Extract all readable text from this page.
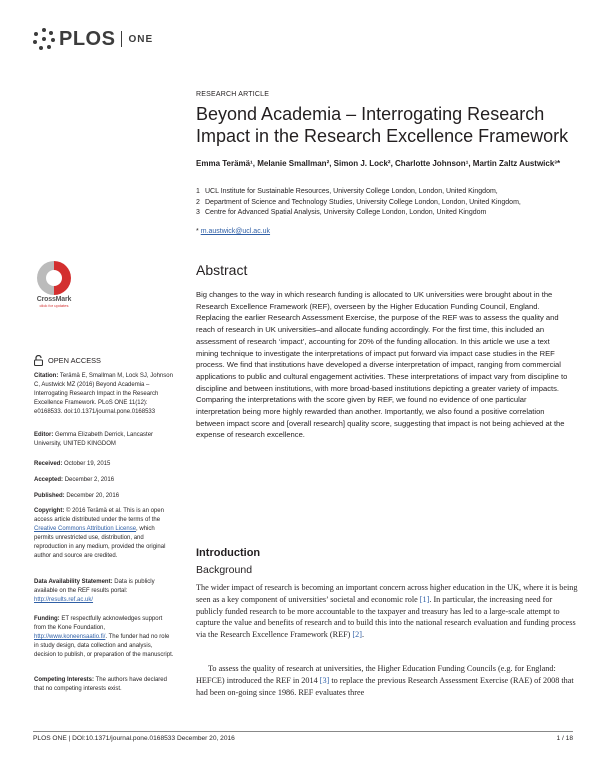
PLOS ONE
RESEARCH ARTICLE
Beyond Academia – Interrogating Research Impact in the Research Excellence Framework
Emma Terämä¹, Melanie Smallman², Simon J. Lock², Charlotte Johnson¹, Martin Zaltz Austwick³*
1 UCL Institute for Sustainable Resources, University College London, London, United Kingdom,
2 Department of Science and Technology Studies, University College London, London, United Kingdom,
3 Centre for Advanced Spatial Analysis, University College London, London, United Kingdom
* m.austwick@ucl.ac.uk
CrossMark
click for updates
Abstract
Big changes to the way in which research funding is allocated to UK universities were brought about in the Research Excellence Framework (REF), overseen by the Higher Education Funding Council, England. Replacing the earlier Research Assessment Exercise, the purpose of the REF was to assess the quality and reach of research in UK universities–and allocate funding accordingly. For the first time, this included an assessment of research ‘impact’, accounting for 20% of the funding allocation. In this article we use a text mining technique to investigate the interpretations of impact put forward via impact case studies in the REF process. We find that institutions have developed a diverse interpretation of impact, ranging from commercial applications to public and cultural engagement activities. These interpretations of impact vary from discipline to discipline and between institutions, with more broad-based institutions depicting a greater variety of impacts. Comparing the interpretations with the score given by REF, we found no evidence of one particular interpretation being more highly rewarded than another. Importantly, we also found a positive correlation between impact score and [overall research] quality score, suggesting that impact is not being achieved at the expense of research excellence.
OPEN ACCESS
Citation: Terämä E, Smallman M, Lock SJ, Johnson C, Austwick MZ (2016) Beyond Academia – Interrogating Research Impact in the Research Excellence Framework. PLoS ONE 11(12): e0168533. doi:10.1371/journal.pone.0168533
Editor: Gemma Elizabeth Derrick, Lancaster University, UNITED KINGDOM
Received: October 19, 2015
Accepted: December 2, 2016
Published: December 20, 2016
Copyright: © 2016 Terämä et al. This is an open access article distributed under the terms of the Creative Commons Attribution License, which permits unrestricted use, distribution, and reproduction in any medium, provided the original author and source are credited.
Data Availability Statement: Data is publicly available on the REF results portal: http://results.ref.ac.uk/
Funding: ET respectfully acknowledges support from the Kone Foundation, http://www.koneensaatio.fi/. The funder had no role in study design, data collection and analysis, decision to publish, or preparation of the manuscript.
Competing Interests: The authors have declared that no competing interests exist.
Introduction
Background
The wider impact of research is becoming an important concern across higher education in the UK, where it is being seen as a key component of universities’ societal and economic role [1]. In particular, the increasing need for publicly funded research to be more accountable to the taxpayer and treasury has led to a large-scale attempt to capture the value and benefits of research and to build this into the national research evaluation and funding process via the Research Excellence Framework (REF) [2].
To assess the quality of research at universities, the Higher Education Funding Councils (e.g. for England: HEFCE) introduced the REF in 2014 [3] to replace the previous Research Assessment Exercise (RAE) of 2008 that had been on-going since 1986. REF evaluates three
PLOS ONE | DOI:10.1371/journal.pone.0168533 December 20, 2016	1 / 18
